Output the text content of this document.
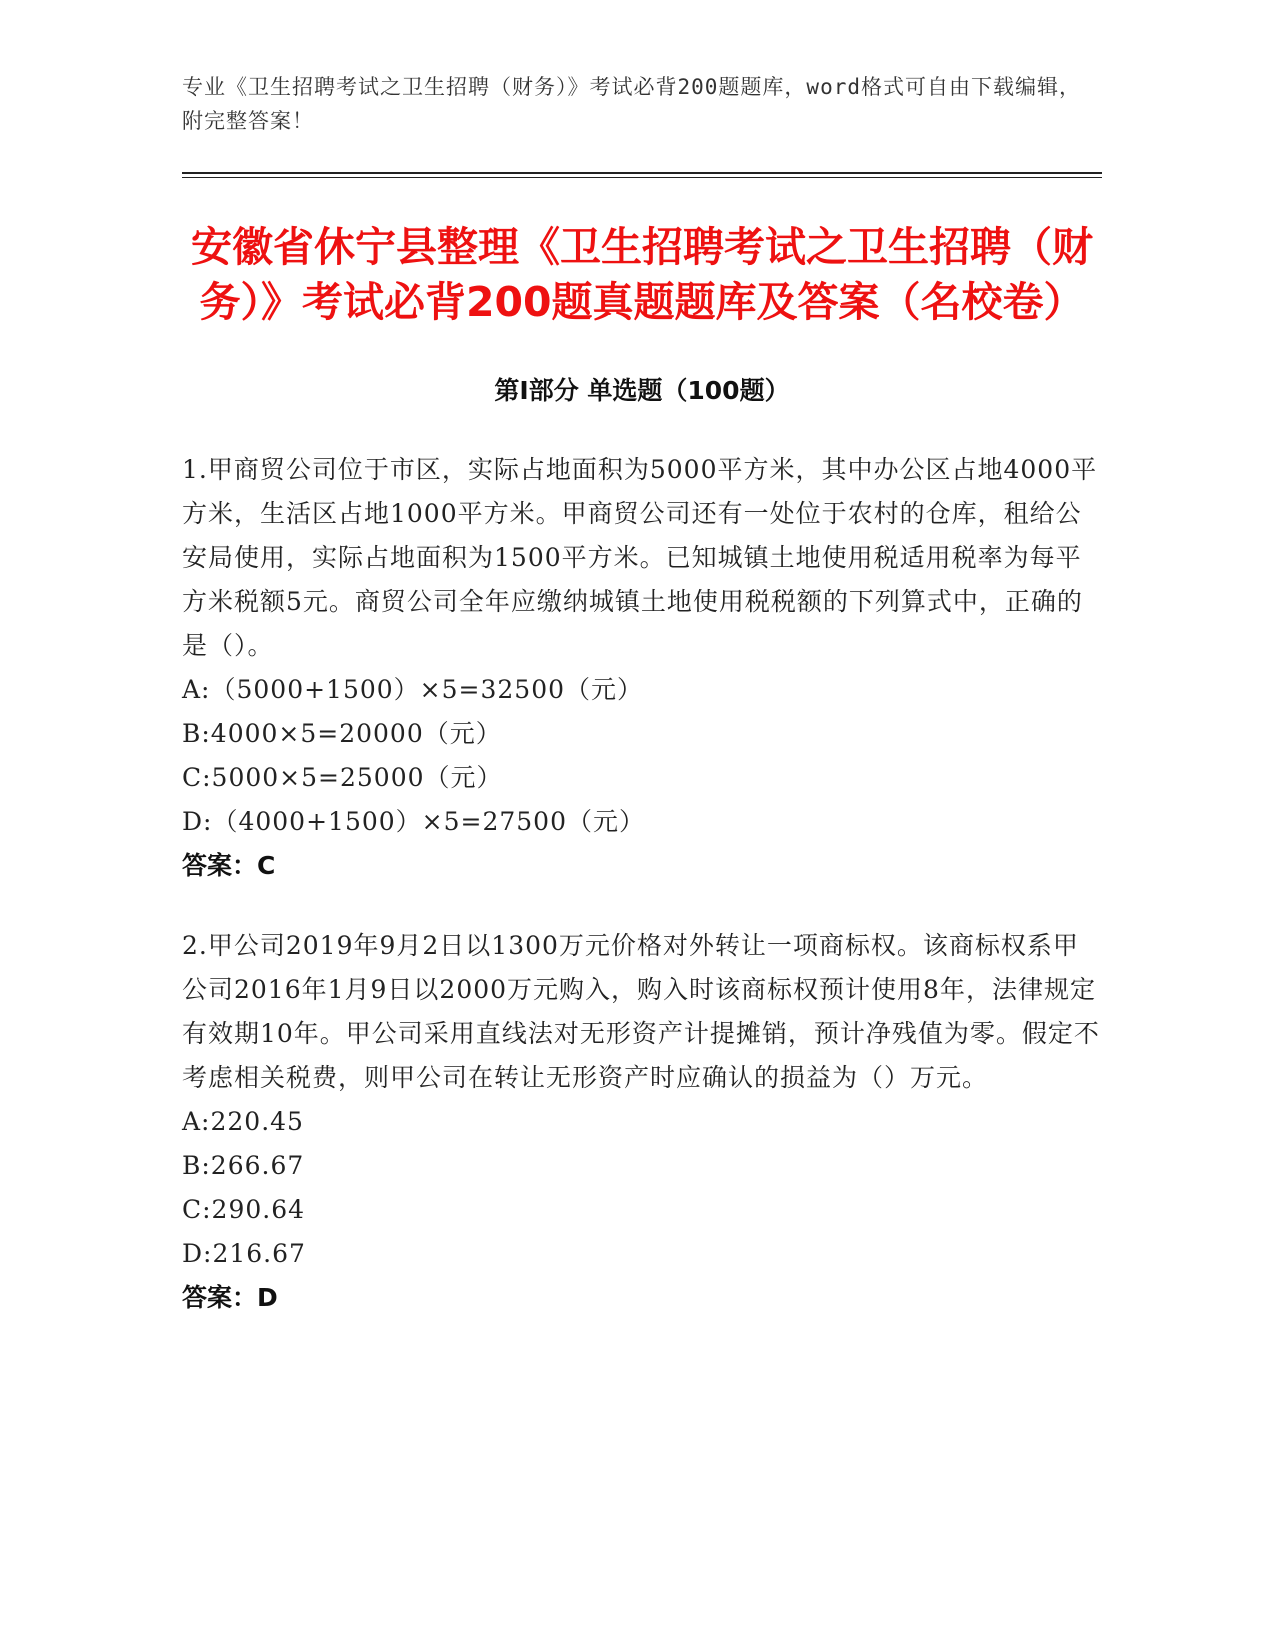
专业《卫生招聘考试之卫生招聘（财务）》考试必背200题题库，word格式可自由下载编辑，附完整答案！
安徽省休宁县整理《卫生招聘考试之卫生招聘（财务）》考试必背200题真题题库及答案（名校卷）
第I部分 单选题（100题）
1.甲商贸公司位于市区，实际占地面积为5000平方米，其中办公区占地4000平方米，生活区占地1000平方米。甲商贸公司还有一处位于农村的仓库，租给公安局使用，实际占地面积为1500平方米。已知城镇土地使用税适用税率为每平方米税额5元。商贸公司全年应缴纳城镇土地使用税税额的下列算式中，正确的是（）。
A:（5000+1500）×5=32500（元）
B:4000×5=20000（元）
C:5000×5=25000（元）
D:（4000+1500）×5=27500（元）
答案：C
2.甲公司2019年9月2日以1300万元价格对外转让一项商标权。该商标权系甲公司2016年1月9日以2000万元购入，购入时该商标权预计使用8年，法律规定有效期10年。甲公司采用直线法对无形资产计提摊销，预计净残值为零。假定不考虑相关税费，则甲公司在转让无形资产时应确认的损益为（）万元。
A:220.45
B:266.67
C:290.64
D:216.67
答案：D
